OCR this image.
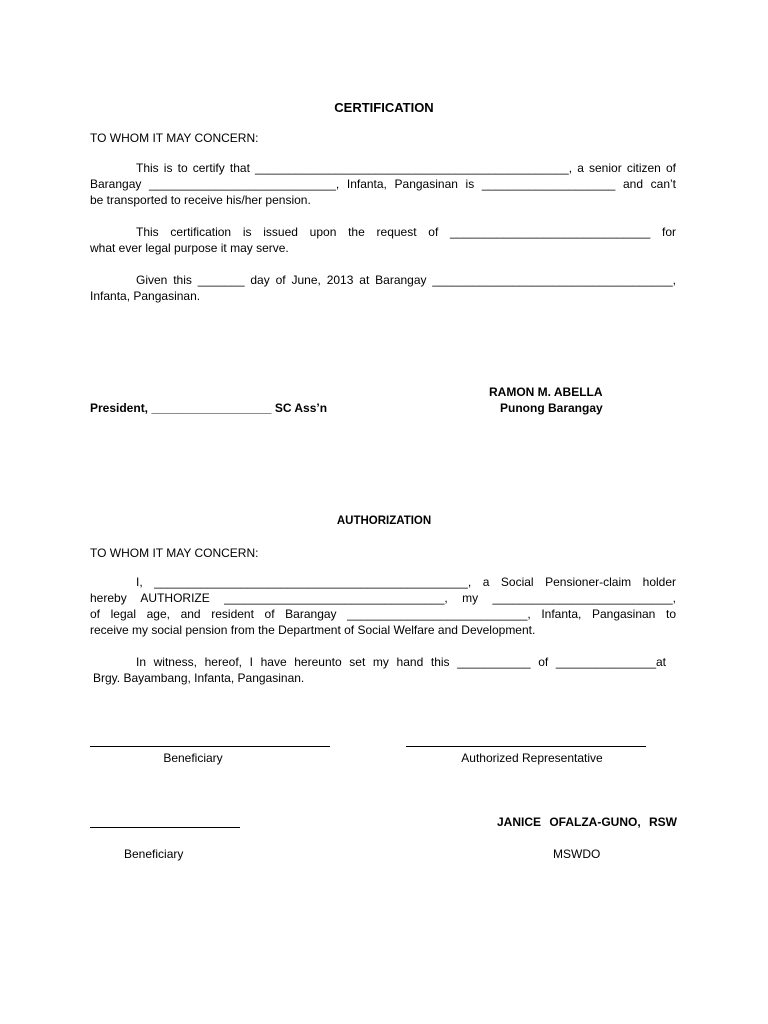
CERTIFICATION
TO WHOM IT MAY CONCERN:
This is to certify that _______________________________________________, a senior citizen of
Barangay ____________________________, Infanta, Pangasinan is ____________________ and can’t
be transported to receive his/her pension.
This certification is issued upon the request of ______________________________ for
what ever legal purpose it may serve.
Given this _______ day of June, 2013 at Barangay ____________________________________,
Infanta, Pangasinan.
RAMON M. ABELLA
Punong Barangay
President, __________________ SC Ass’n
AUTHORIZATION
TO WHOM IT MAY CONCERN:
I, _______________________________________________, a Social Pensioner-claim holder
hereby AUTHORIZE _________________________________, my ___________________________,
of legal age, and resident of Barangay ___________________________, Infanta, Pangasinan to
receive my social pension from the Department of Social Welfare and Development.
In witness, hereof, I have hereunto set my hand this ___________ of _______________at
Brgy. Bayambang, Infanta, Pangasinan.
Beneficiary	Authorized Representative
JANICE OFALZA-GUNO, RSW
Beneficiary	MSWDO
